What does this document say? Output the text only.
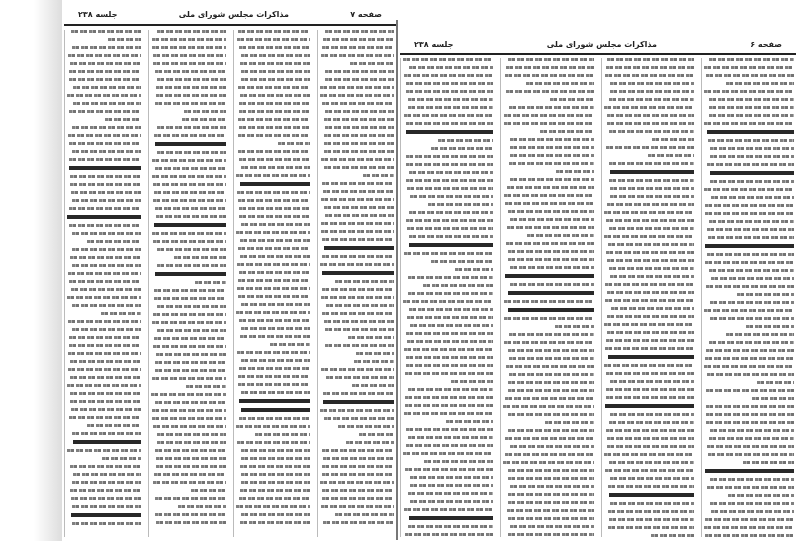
جلسه ۲۳۸	مذاکرات مجلس شورای ملی	صفحه ۷
جلسه ۲۳۸	مذاکرات مجلس شورای ملی	صفحه ۶
